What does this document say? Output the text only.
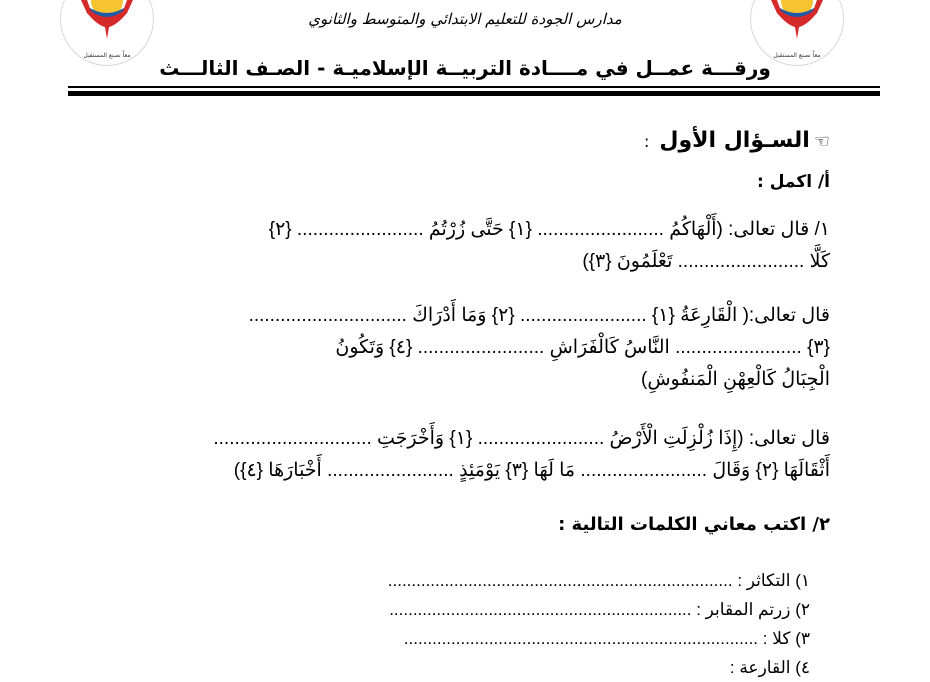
معاً نصنع المستقبل	معاً نصنع المستقبل
مدارس الجودة للتعليم الابتدائي والمتوسط والثانوي
ورقـــة عمــل في مــــادة التربيــة الإسلاميـة - الصـف الثالـــث
☜السـؤال الأول:
أ/ اكمل :
١/ قال تعالى: (أَلْهَاكُمُ ........................ {١} حَتَّى زُرْتُمُ ........................ {٢}
كَلَّا ........................ تَعْلَمُونَ {٣})
قال تعالى:( الْقَارِعَةُ {١} ........................ {٢} وَمَا أَدْرَاكَ ..............................
{٣} ........................ النَّاسُ كَالْفَرَاشِ ........................ {٤} وَتَكُونُ
الْجِبَالُ كَالْعِهْنِ الْمَنفُوشِ)
قال تعالى: (إِذَا زُلْزِلَتِ الْأَرْضُ ........................ {١} وَأَخْرَجَتِ ..............................
أَثْقَالَهَا {٢} وَقَالَ ........................ مَا لَهَا {٣} يَوْمَئِذٍ ........................ أَخْبَارَهَا {٤})
٢/ اكتب معاني الكلمات التالية :
١) التكاثر : .........................................................................
٢) زرتم المقابر : ................................................................
٣) كلا : ...........................................................................
٤) القارعة :
